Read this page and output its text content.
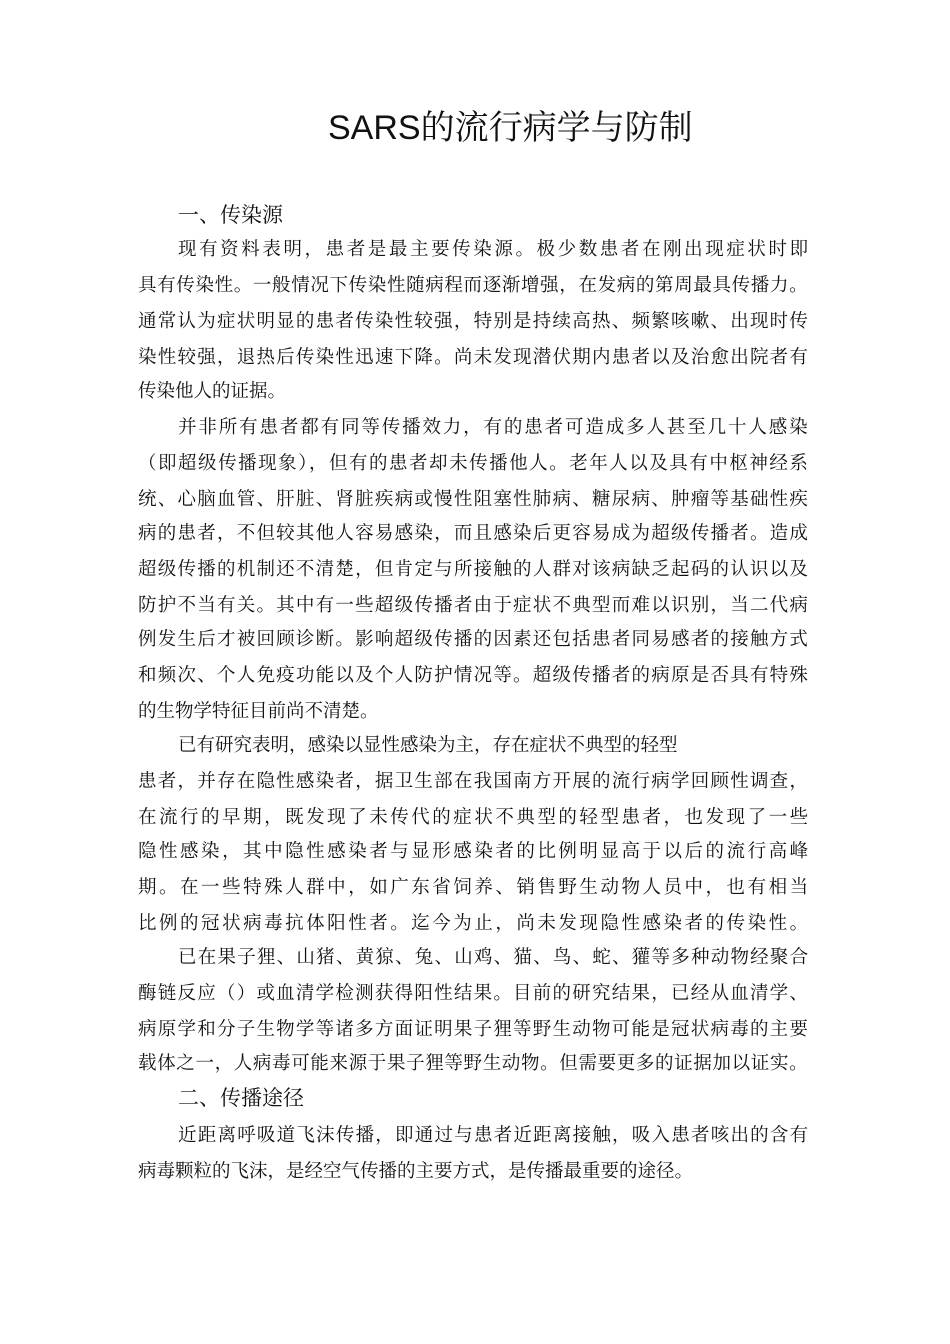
SARS的流行病学与防制
一、传染源
现有资料表明，患者是最主要传染源。极少数患者在刚出现症状时即
具有传染性。一般情况下传染性随病程而逐渐增强，在发病的第周最具传播力。
通常认为症状明显的患者传染性较强，特别是持续高热、频繁咳嗽、出现时传
染性较强，退热后传染性迅速下降。尚未发现潜伏期内患者以及治愈出院者有
传染他人的证据。
并非所有患者都有同等传播效力，有的患者可造成多人甚至几十人感染
（即超级传播现象），但有的患者却未传播他人。老年人以及具有中枢神经系
统、心脑血管、肝脏、肾脏疾病或慢性阻塞性肺病、糖尿病、肿瘤等基础性疾
病的患者，不但较其他人容易感染，而且感染后更容易成为超级传播者。造成
超级传播的机制还不清楚，但肯定与所接触的人群对该病缺乏起码的认识以及
防护不当有关。其中有一些超级传播者由于症状不典型而难以识别，当二代病
例发生后才被回顾诊断。影响超级传播的因素还包括患者同易感者的接触方式
和频次、个人免疫功能以及个人防护情况等。超级传播者的病原是否具有特殊
的生物学特征目前尚不清楚。
已有研究表明，感染以显性感染为主，存在症状不典型的轻型
患者，并存在隐性感染者，据卫生部在我国南方开展的流行病学回顾性调查，
在流行的早期，既发现了未传代的症状不典型的轻型患者，也发现了一些
隐性感染，其中隐性感染者与显形感染者的比例明显高于以后的流行高峰
期。在一些特殊人群中，如广东省饲养、销售野生动物人员中，也有相当
比例的冠状病毒抗体阳性者。迄今为止，尚未发现隐性感染者的传染性。
已在果子狸、山猪、黄猄、兔、山鸡、猫、鸟、蛇、獾等多种动物经聚合
酶链反应（）或血清学检测获得阳性结果。目前的研究结果，已经从血清学、
病原学和分子生物学等诸多方面证明果子狸等野生动物可能是冠状病毒的主要
载体之一，人病毒可能来源于果子狸等野生动物。但需要更多的证据加以证实。
二、传播途径
近距离呼吸道飞沫传播，即通过与患者近距离接触，吸入患者咳出的含有
病毒颗粒的飞沫，是经空气传播的主要方式，是传播最重要的途径。
